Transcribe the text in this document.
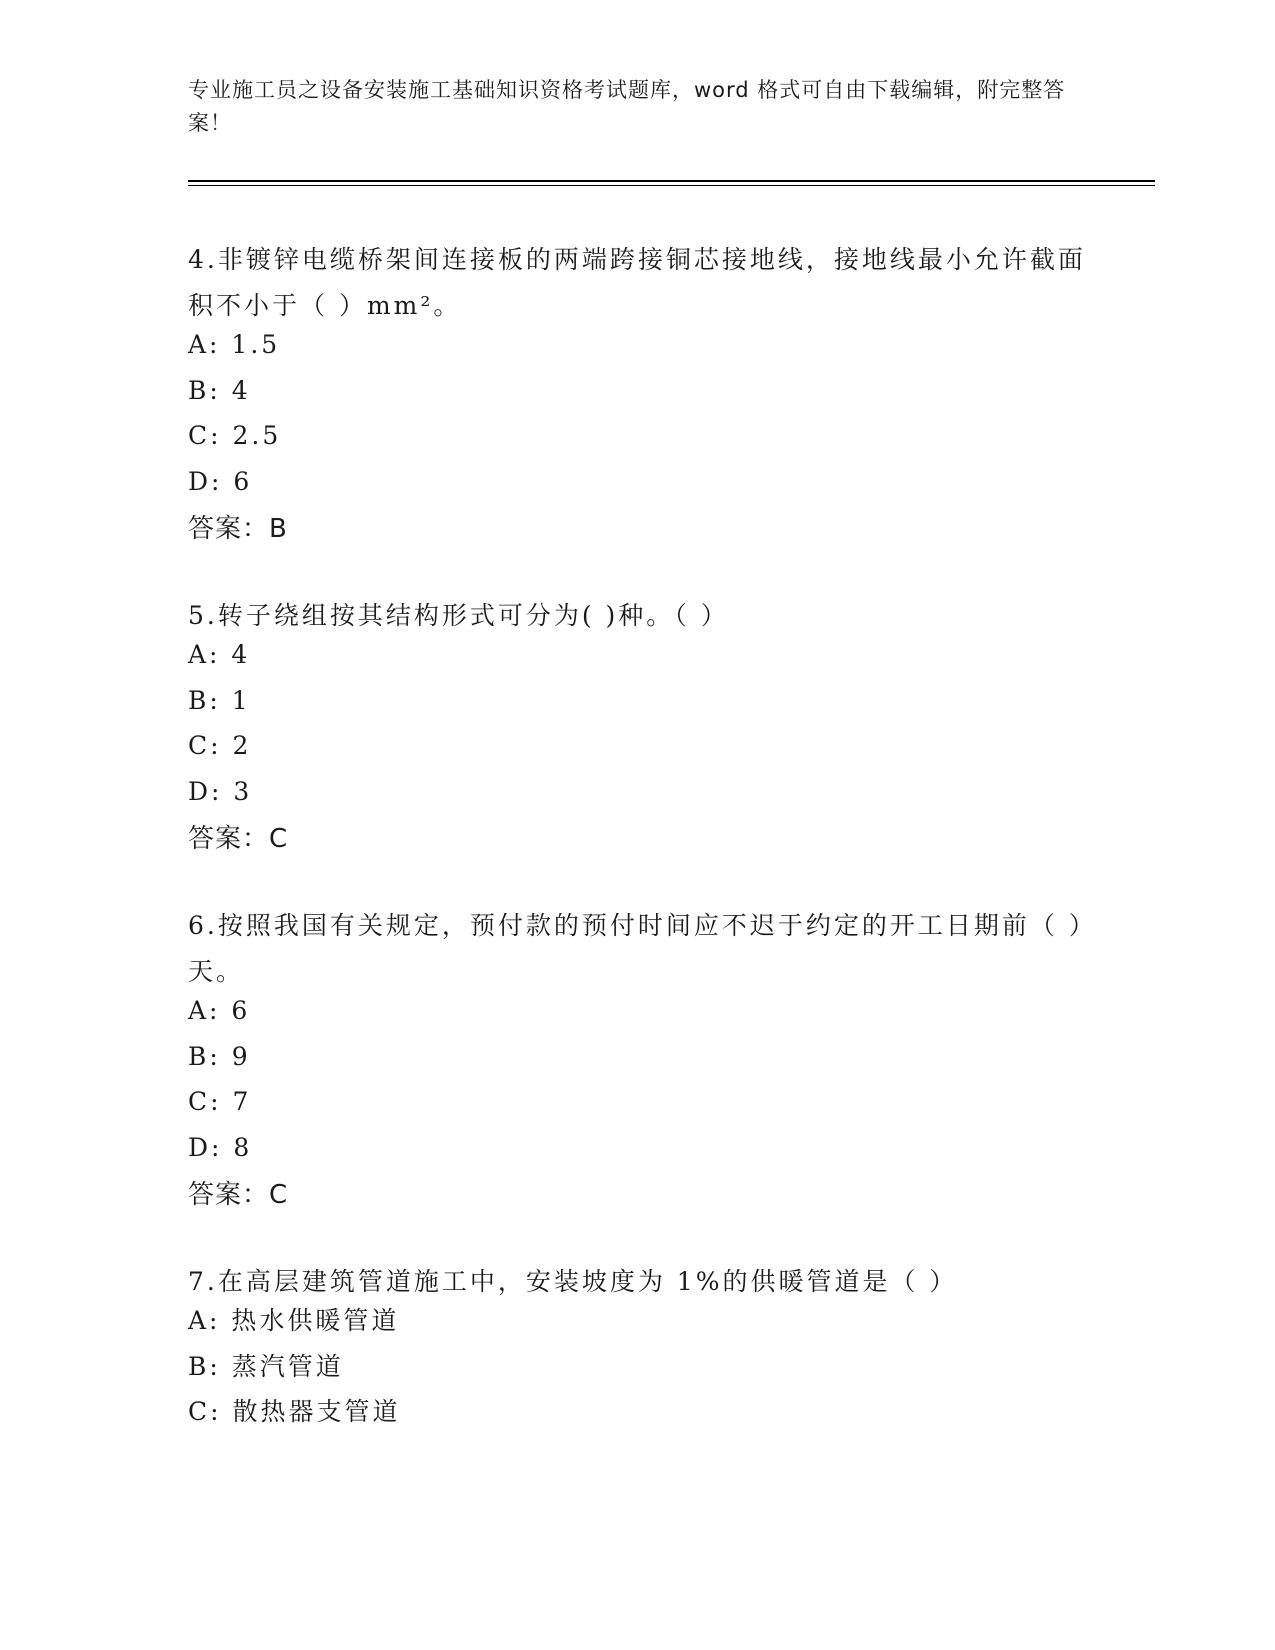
专业施工员之设备安装施工基础知识资格考试题库，word 格式可自由下载编辑，附完整答案！

4.非镀锌电缆桥架间连接板的两端跨接铜芯接地线，接地线最小允许截面积不小于（ ）mm²。

A: 1.5
B: 4
C: 2.5
D: 6
答案：B

5.转子绕组按其结构形式可分为( )种。（ ）

A: 4
B: 1
C: 2
D: 3
答案：C

6.按照我国有关规定，预付款的预付时间应不迟于约定的开工日期前（ ）天。

A: 6
B: 9
C: 7
D: 8
答案：C

7.在高层建筑管道施工中，安装坡度为 1%的供暖管道是（ ）

A: 热水供暖管道
B: 蒸汽管道
C: 散热器支管道
